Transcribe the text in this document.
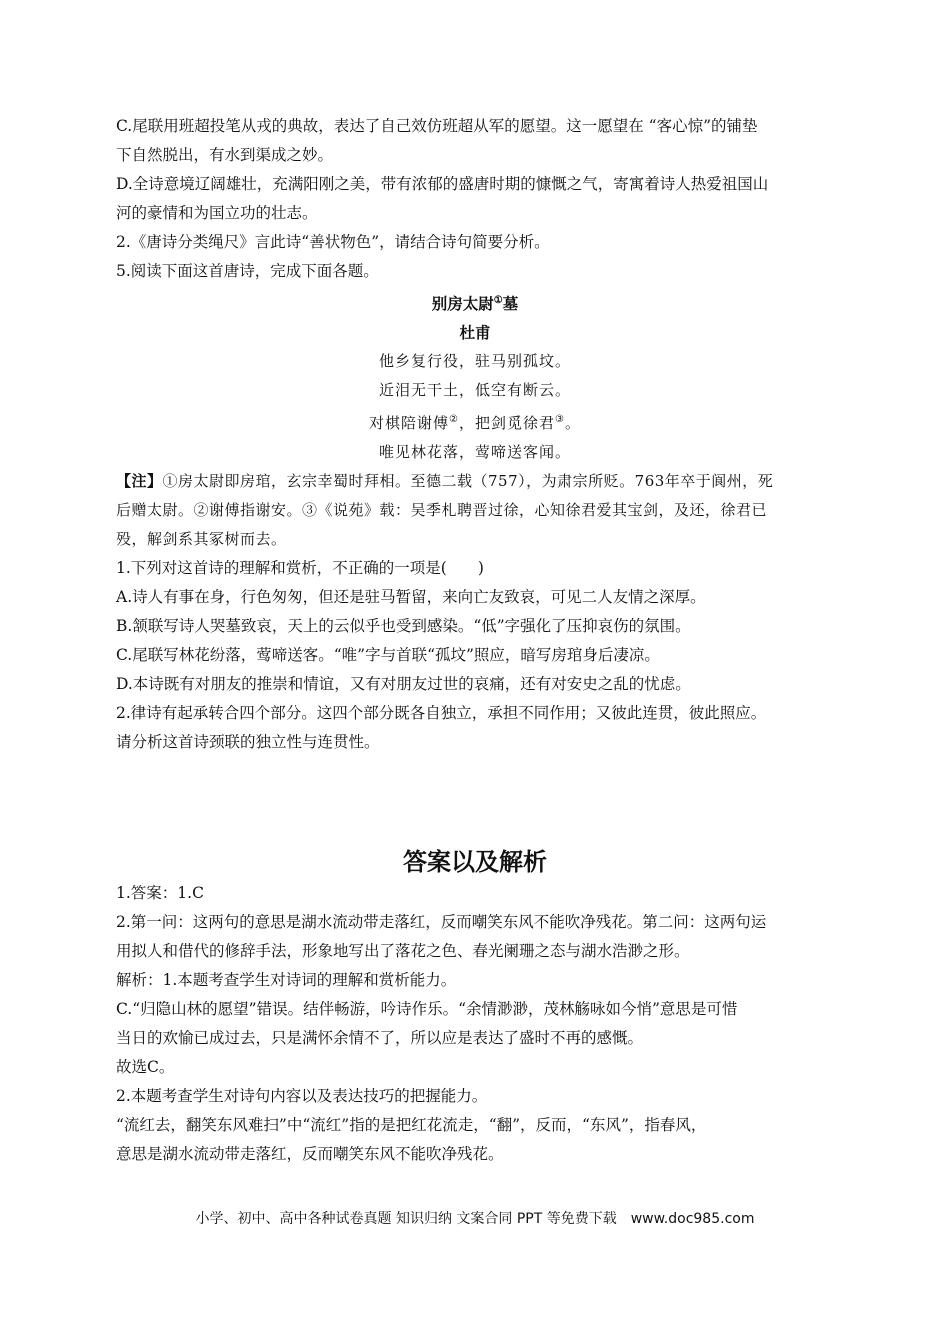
C.尾联用班超投笔从戎的典故，表达了自己效仿班超从军的愿望。这一愿望在 “客心惊”的铺垫

下自然脱出，有水到渠成之妙。

D.全诗意境辽阔雄壮，充满阳刚之美，带有浓郁的盛唐时期的慷慨之气，寄寓着诗人热爱祖国山

河的豪情和为国立功的壮志。

2.《唐诗分类绳尺》言此诗“善状物色”，请结合诗句简要分析。

5.阅读下面这首唐诗，完成下面各题。

别房太尉①墓

杜甫

他乡复行役，驻马别孤坟。

近泪无干土，低空有断云。

对棋陪谢傅②，把剑觅徐君③。

唯见林花落，莺啼送客闻。

【注】①房太尉即房琯，玄宗幸蜀时拜相。至德二载（757），为肃宗所贬。763年卒于阆州，死

后赠太尉。②谢傅指谢安。③《说苑》载：吴季札聘晋过徐，心知徐君爱其宝剑，及还，徐君已

殁，解剑系其冢树而去。

1.下列对这首诗的理解和赏析，不正确的一项是(　　)

A.诗人有事在身，行色匆匆，但还是驻马暂留，来向亡友致哀，可见二人友情之深厚。

B.颔联写诗人哭墓致哀，天上的云似乎也受到感染。“低”字强化了压抑哀伤的氛围。

C.尾联写林花纷落，莺啼送客。“唯”字与首联“孤坟”照应，暗写房琯身后凄凉。

D.本诗既有对朋友的推崇和情谊，又有对朋友过世的哀痛，还有对安史之乱的忧虑。

2.律诗有起承转合四个部分。这四个部分既各自独立，承担不同作用；又彼此连贯，彼此照应。

请分析这首诗颈联的独立性与连贯性。

答案以及解析

1.答案：1.C

2.第一问：这两句的意思是湖水流动带走落红，反而嘲笑东风不能吹净残花。第二问：这两句运

用拟人和借代的修辞手法，形象地写出了落花之色、春光阑珊之态与湖水浩渺之形。

解析：1.本题考查学生对诗词的理解和赏析能力。

C.“归隐山林的愿望”错误。结伴畅游，吟诗作乐。“余情渺渺，茂林觞咏如今悄”意思是可惜

当日的欢愉已成过去，只是满怀余情不了，所以应是表达了盛时不再的感慨。

故选C。

2.本题考查学生对诗句内容以及表达技巧的把握能力。

“流红去，翻笑东风难扫”中“流红”指的是把红花流走，“翻”，反而，“东风”，指春风，

意思是湖水流动带走落红，反而嘲笑东风不能吹净残花。

小学、初中、高中各种试卷真题 知识归纳 文案合同 PPT 等免费下载　www.doc985.com
